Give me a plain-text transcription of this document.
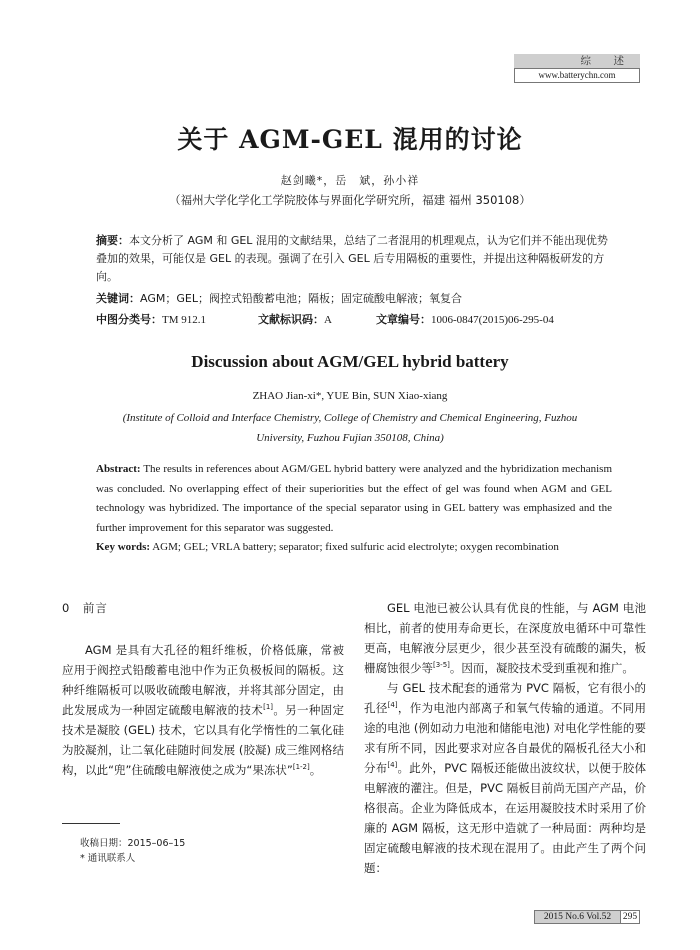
综　述
www.batterychn.com
关于 AGM-GEL 混用的讨论
赵剑曦*，岳　斌，孙小祥
（福州大学化学化工学院胶体与界面化学研究所，福建 福州 350108）
摘要：本文分析了 AGM 和 GEL 混用的文献结果，总结了二者混用的机理观点，认为它们并不能出现优势叠加的效果，可能仅是 GEL 的表现。强调了在引入 GEL 后专用隔板的重要性，并提出这种隔板研发的方向。
关键词：AGM；GEL；阀控式铅酸蓄电池；隔板；固定硫酸电解液；氧复合
中图分类号：TM 912.1	文献标识码：A	文章编号：1006-0847(2015)06-295-04
Discussion about AGM/GEL hybrid battery
ZHAO Jian-xi*, YUE Bin, SUN Xiao-xiang
(Institute of Colloid and Interface Chemistry, College of Chemistry and Chemical Engineering, Fuzhou University, Fuzhou Fujian 350108, China)

Abstract: The results in references about AGM/GEL hybrid battery were analyzed and the hybridization mechanism was concluded. No overlapping effect of their superiorities but the effect of gel was found when AGM and GEL technology was hybridized. The importance of the special separator using in GEL battery was emphasized and the further improvement for this separator was suggested.

Key words: AGM; GEL; VRLA battery; separator; fixed sulfuric acid electrolyte; oxygen recombination

0　前言

AGM 是具有大孔径的粗纤维板，价格低廉，常被应用于阀控式铅酸蓄电池中作为正负极板间的隔板。这种纤维隔板可以吸收硫酸电解液，并将其部分固定，由此发展成为一种固定硫酸电解液的技术[1]。另一种固定技术是凝胶 (GEL) 技术，它以具有化学惰性的二氧化硅为胶凝剂，让二氧化硅随时间发展 (胶凝) 成三维网格结构，以此“兜”住硫酸电解液使之成为“果冻状”[1-2]。

GEL 电池已被公认具有优良的性能，与 AGM 电池相比，前者的使用寿命更长，在深度放电循环中可靠性更高，电解液分层更少，很少甚至没有硫酸的漏失，板栅腐蚀很少等[3-5]。因而，凝胶技术受到重视和推广。

与 GEL 技术配套的通常为 PVC 隔板，它有很小的孔径[4]，作为电池内部离子和氧气传输的通道。不同用途的电池 (例如动力电池和储能电池) 对电化学性能的要求有所不同，因此要求对应各自最优的隔板孔径大小和分布[4]。此外，PVC 隔板还能做出波纹状，以便于胶体电解液的灌注。但是，PVC 隔板目前尚无国产产品，价格很高。企业为降低成本，在运用凝胶技术时采用了价廉的 AGM 隔板，这无形中造就了一种局面：两种均是固定硫酸电解液的技术现在混用了。由此产生了两个问题：

收稿日期：2015–06–15
* 通讯联系人
2015 No.6 Vol.52	295
